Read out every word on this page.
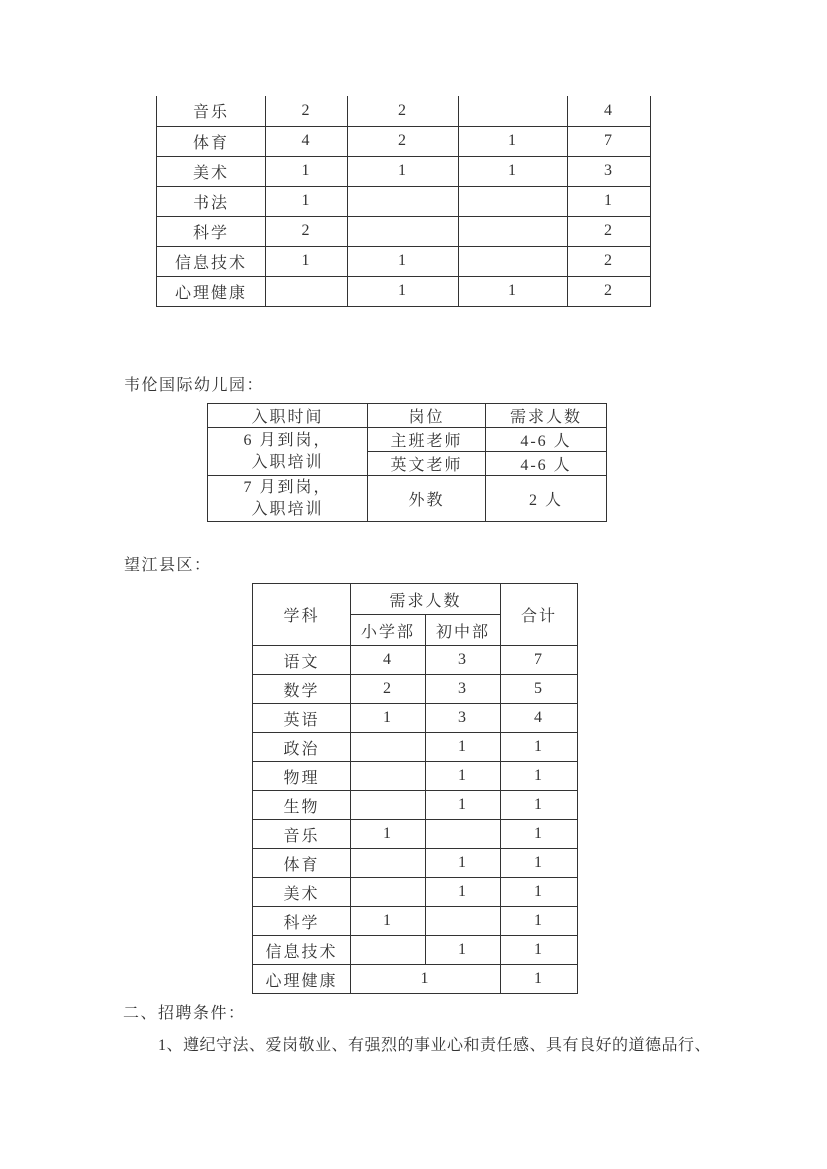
音乐	2	2		4
体育	4	2	1	7
美术	1	1	1	3
书法	1			1
科学	2			2
信息技术	1	1		2
心理健康		1	1	2
韦伦国际幼儿园：
入职时间	岗位	需求人数

6 月到岗，
入职培训	主班老师	4-6 人
	英文老师	4-6 人

7 月到岗，
入职培训	外教	2 人
望江县区：
学科	需求人数		合计
	小学部	初中部	
语文	4	3	7
数学	2	3	5
英语	1	3	4
政治		1	1
物理		1	1
生物		1	1
音乐	1		1
体育		1	1
美术		1	1
科学	1		1
信息技术		1	1
心理健康	1		1
二、招聘条件：
1、遵纪守法、爱岗敬业、有强烈的事业心和责任感、具有良好的道德品行、
